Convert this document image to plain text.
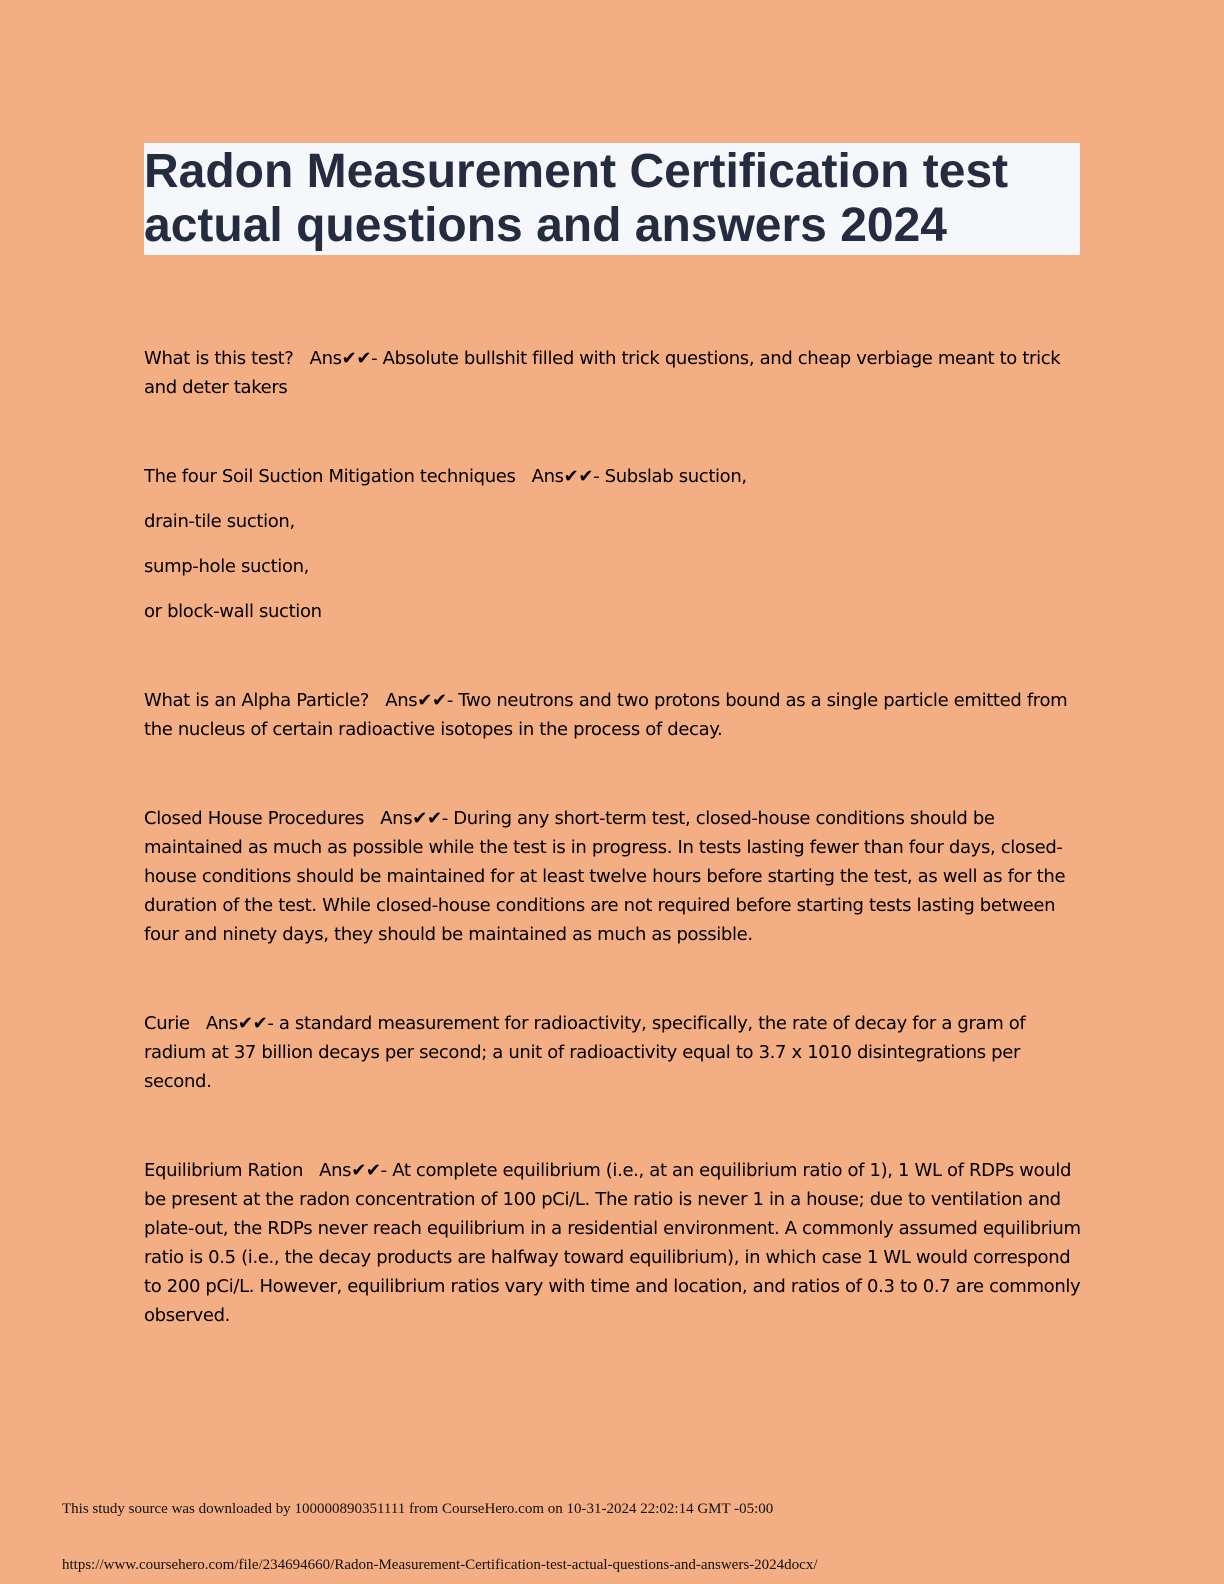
Radon Measurement Certification test actual questions and answers 2024

What is this test?   Ans✔✔- Absolute bullshit filled with trick questions, and cheap verbiage meant to trick and deter takers

The four Soil Suction Mitigation techniques   Ans✔✔- Subslab suction,

drain-tile suction,

sump-hole suction,

or block-wall suction

What is an Alpha Particle?   Ans✔✔- Two neutrons and two protons bound as a single particle emitted from the nucleus of certain radioactive isotopes in the process of decay.

Closed House Procedures   Ans✔✔- During any short-term test, closed-house conditions should be maintained as much as possible while the test is in progress. In tests lasting fewer than four days, closed-house conditions should be maintained for at least twelve hours before starting the test, as well as for the duration of the test. While closed-house conditions are not required before starting tests lasting between four and ninety days, they should be maintained as much as possible.

Curie   Ans✔✔- a standard measurement for radioactivity, specifically, the rate of decay for a gram of radium at 37 billion decays per second; a unit of radioactivity equal to 3.7 x 1010 disintegrations per second.

Equilibrium Ration   Ans✔✔- At complete equilibrium (i.e., at an equilibrium ratio of 1), 1 WL of RDPs would be present at the radon concentration of 100 pCi/L. The ratio is never 1 in a house; due to ventilation and plate-out, the RDPs never reach equilibrium in a residential environment. A commonly assumed equilibrium ratio is 0.5 (i.e., the decay products are halfway toward equilibrium), in which case 1 WL would correspond to 200 pCi/L. However, equilibrium ratios vary with time and location, and ratios of 0.3 to 0.7 are commonly observed.

This study source was downloaded by 100000890351111 from CourseHero.com on 10-31-2024 22:02:14 GMT -05:00
https://www.coursehero.com/file/234694660/Radon-Measurement-Certification-test-actual-questions-and-answers-2024docx/
